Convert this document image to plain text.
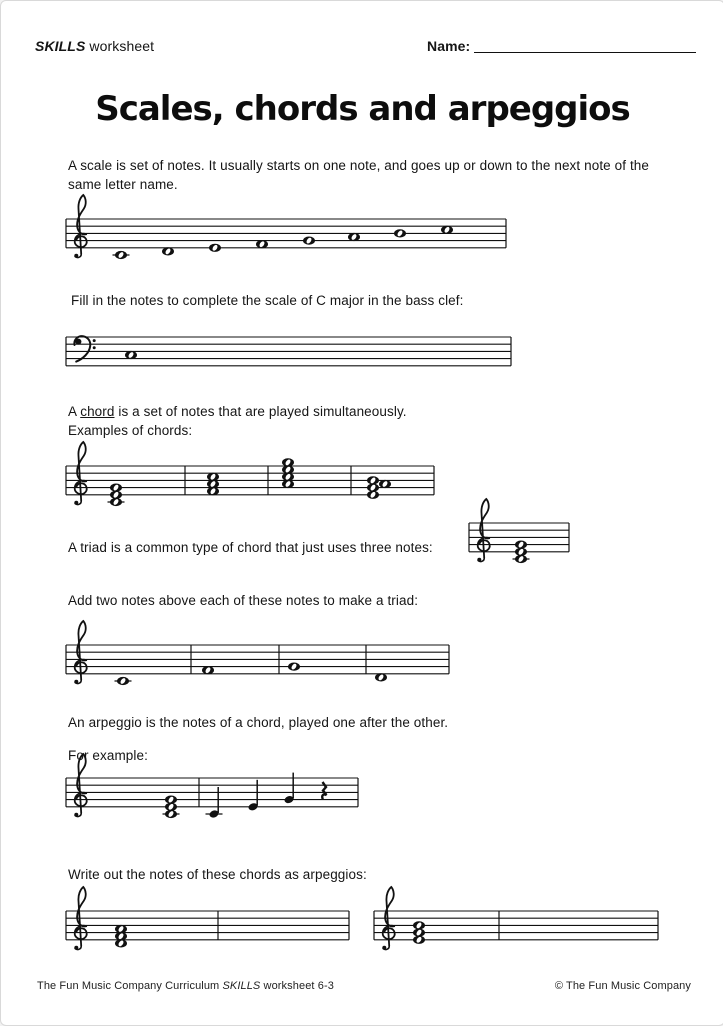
SKILLS worksheet	Name:
Scales, chords and arpeggios
A scale is set of notes. It usually starts on one note, and goes up or down to the next note of the
same letter name.
Fill in the notes to complete the scale of C major in the bass clef:
A chord is a set of notes that are played simultaneously.
Examples of chords:
A triad is a common type of chord that just uses three notes:
Add two notes above each of these notes to make a triad:
An arpeggio is the notes of a chord, played one after the other.
For example:
Write out the notes of these chords as arpeggios:
The Fun Music Company Curriculum SKILLS worksheet 6-3	© The Fun Music Company
